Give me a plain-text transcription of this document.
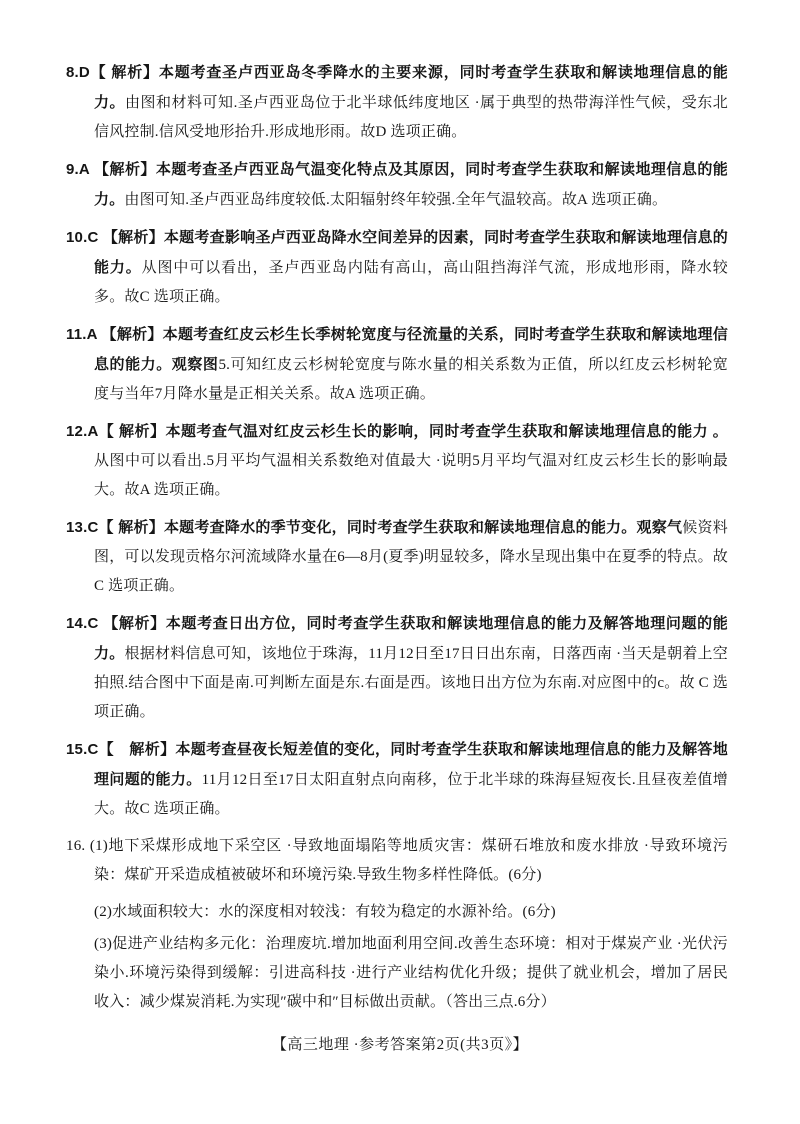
8.D【 解析】本题考查圣卢西亚岛冬季降水的主要来源，同时考查学生获取和解读地理信息的能力。由图和材料可知.圣卢西亚岛位于北半球低纬度地区 ·属于典型的热带海洋性气候，受东北信风控制.信风受地形抬升.形成地形雨。故D 选项正确。

9.A 【解析】本题考查圣卢西亚岛气温变化特点及其原因，同时考查学生获取和解读地理信息的能力。由图可知.圣卢西亚岛纬度较低.太阳辐射终年较强.全年气温较高。故A 选项正确。

10.C 【解析】本题考查影响圣卢西亚岛降水空间差异的因素，同时考查学生获取和解读地理信息的能力。从图中可以看出，圣卢西亚岛内陆有高山，高山阻挡海洋气流，形成地形雨，降水较多。故C 选项正确。

11.A 【解析】本题考查红皮云杉生长季树轮宽度与径流量的关系，同时考查学生获取和解读地理信息的能力。观察图5.可知红皮云杉树轮宽度与陈水量的相关系数为正值，所以红皮云杉树轮宽度与当年7月降水量是正相关关系。故A 选项正确。

12.A【 解析】本题考查气温对红皮云杉生长的影响，同时考查学生获取和解读地理信息的能力 。从图中可以看出.5月平均气温相关系数绝对值最大 ·说明5月平均气温对红皮云杉生长的影响最大。故A 选项正确。

13.C【 解析】本题考查降水的季节变化，同时考查学生获取和解读地理信息的能力。观察气候资料图，可以发现贡格尔河流域降水量在6—8月(夏季)明显较多，降水呈现出集中在夏季的特点。故C 选项正确。

14.C 【解析】本题考查日出方位，同时考查学生获取和解读地理信息的能力及解答地理问题的能力。根据材料信息可知，该地位于珠海，11月12日至17日日出东南，日落西南 ·当天是朝着上空拍照.结合图中下面是南.可判断左面是东.右面是西。该地日出方位为东南.对应图中的c。故 C 选项正确。

15.C【　解析】本题考查昼夜长短差值的变化，同时考查学生获取和解读地理信息的能力及解答地理问题的能力。11月12日至17日太阳直射点向南移，位于北半球的珠海昼短夜长.且昼夜差值增大。故C 选项正确。

16. (1)地下采煤形成地下采空区 ·导致地面塌陷等地质灾害：煤研石堆放和废水排放 ·导致环境污染：煤矿开采造成植被破坏和环境污染.导致生物多样性降低。(6分)

(2)水域面积较大：水的深度相对较浅：有较为稳定的水源补给。(6分)

(3)促进产业结构多元化：治理废坑.增加地面利用空间.改善生态环境：相对于煤炭产业 ·光伏污染小.环境污染得到缓解：引进高科技 ·进行产业结构优化升级；提供了就业机会，增加了居民收入：减少煤炭消耗.为实现″碳中和″目标做出贡献。（答出三点.6分）

【高三地理 ·参考答案第2页(共3页》】
